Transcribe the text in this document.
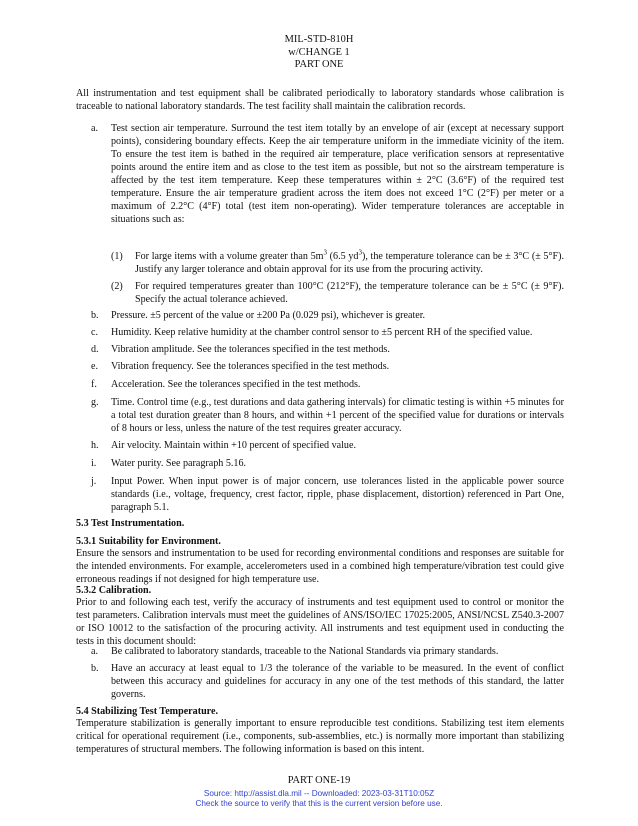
MIL-STD-810H
w/CHANGE 1
PART ONE

All instrumentation and test equipment shall be calibrated periodically to laboratory standards whose calibration is traceable to national laboratory standards. The test facility shall maintain the calibration records.

a.	Test section air temperature. Surround the test item totally by an envelope of air (except at necessary support points), considering boundary effects. Keep the air temperature uniform in the immediate vicinity of the item. To ensure the test item is bathed in the required air temperature, place verification sensors at representative points around the entire item and as close to the test item as possible, but not so the airstream temperature is affected by the test item temperature. Keep these temperatures within ± 2°C (3.6°F) of the required test temperature. Ensure the air temperature gradient across the item does not exceed 1°C (2°F) per meter or a maximum of 2.2°C (4°F) total (test item non-operating). Wider temperature tolerances are acceptable in situations such as:

(1)	For large items with a volume greater than $5m^3$ (6.5 $yd^3$), the temperature tolerance can be ± 3°C (± 5°F). Justify any larger tolerance and obtain approval for its use from the procuring activity.

(2)	For required temperatures greater than 100°C (212°F), the temperature tolerance can be ± 5°C (± 9°F). Specify the actual tolerance achieved.

b.	Pressure. ±5 percent of the value or ±200 Pa (0.029 psi), whichever is greater.

c.	Humidity. Keep relative humidity at the chamber control sensor to ±5 percent RH of the specified value.

d.	Vibration amplitude. See the tolerances specified in the test methods.

e.	Vibration frequency. See the tolerances specified in the test methods.

f.	Acceleration. See the tolerances specified in the test methods.

g.	Time. Control time (e.g., test durations and data gathering intervals) for climatic testing is within +5 minutes for a total test duration greater than 8 hours, and within +1 percent of the specified value for durations or intervals of 8 hours or less, unless the nature of the test requires greater accuracy.

h.	Air velocity. Maintain within +10 percent of specified value.

i.	Water purity. See paragraph 5.16.

j.	Input Power. When input power is of major concern, use tolerances listed in the applicable power source standards (i.e., voltage, frequency, crest factor, ripple, phase displacement, distortion) referenced in Part One, paragraph 5.1.

5.3 Test Instrumentation.
5.3.1 Suitability for Environment.

Ensure the sensors and instrumentation to be used for recording environmental conditions and responses are suitable for the intended environments. For example, accelerometers used in a combined high temperature/vibration test could give erroneous readings if not designed for high temperature use.

5.3.2 Calibration.

Prior to and following each test, verify the accuracy of instruments and test equipment used to control or monitor the test parameters. Calibration intervals must meet the guidelines of ANS/ISO/IEC 17025:2005, ANSI/NCSL Z540.3-2007 or ISO 10012 to the satisfaction of the procuring activity. All instruments and test equipment used in conducting the tests in this document should:

a.	Be calibrated to laboratory standards, traceable to the National Standards via primary standards.

b.	Have an accuracy at least equal to 1/3 the tolerance of the variable to be measured. In the event of conflict between this accuracy and guidelines for accuracy in any one of the test methods of this standard, the latter governs.

5.4 Stabilizing Test Temperature.

Temperature stabilization is generally important to ensure reproducible test conditions. Stabilizing test item elements critical for operational requirement (i.e., components, sub-assemblies, etc.) is normally more important than stabilizing temperatures of structural members. The following information is based on this intent.

PART ONE-19
Source: http://assist.dla.mil -- Downloaded: 2023-03-31T10:05Z
Check the source to verify that this is the current version before use.
